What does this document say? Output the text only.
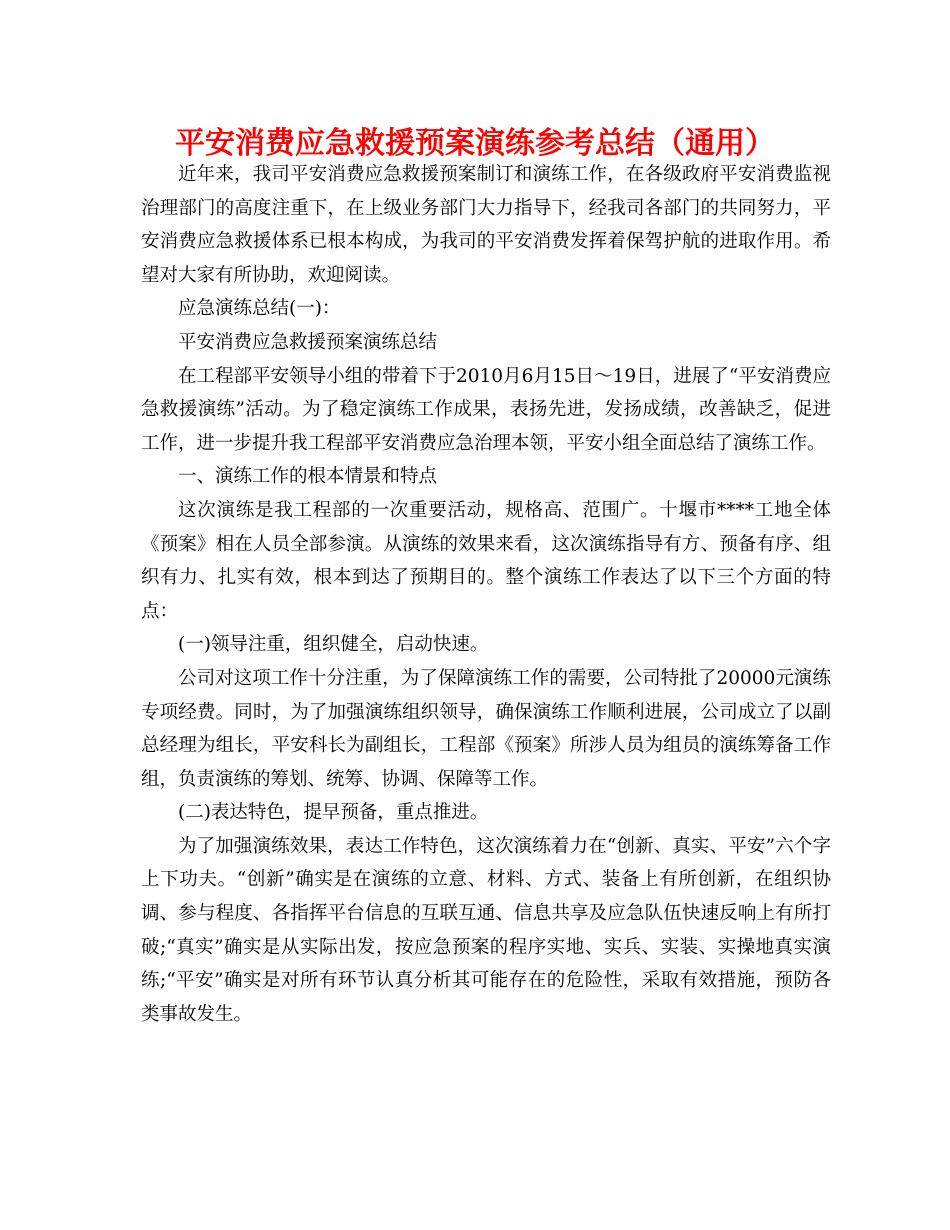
平安消费应急救援预案演练参考总结（通用）

近年来，我司平安消费应急救援预案制订和演练工作，在各级政府平安消费监视治理部门的高度注重下，在上级业务部门大力指导下，经我司各部门的共同努力，平安消费应急救援体系已根本构成，为我司的平安消费发挥着保驾护航的进取作用。希望对大家有所协助，欢迎阅读。

应急演练总结(一)：

平安消费应急救援预案演练总结

在工程部平安领导小组的带着下于2010月6月15日～19日，进展了“平安消费应急救援演练”活动。为了稳定演练工作成果，表扬先进，发扬成绩，改善缺乏，促进工作，进一步提升我工程部平安消费应急治理本领，平安小组全面总结了演练工作。

一、演练工作的根本情景和特点

这次演练是我工程部的一次重要活动，规格高、范围广。十堰市****工地全体《预案》相在人员全部参演。从演练的效果来看，这次演练指导有方、预备有序、组织有力、扎实有效，根本到达了预期目的。整个演练工作表达了以下三个方面的特点：

(一)领导注重，组织健全，启动快速。

公司对这项工作十分注重，为了保障演练工作的需要，公司特批了20000元演练专项经费。同时，为了加强演练组织领导，确保演练工作顺利进展，公司成立了以副总经理为组长，平安科长为副组长，工程部《预案》所涉人员为组员的演练筹备工作组，负责演练的筹划、统筹、协调、保障等工作。

(二)表达特色，提早预备，重点推进。

为了加强演练效果，表达工作特色，这次演练着力在“创新、真实、平安”六个字上下功夫。“创新”确实是在演练的立意、材料、方式、装备上有所创新，在组织协调、参与程度、各指挥平台信息的互联互通、信息共享及应急队伍快速反响上有所打破;“真实”确实是从实际出发，按应急预案的程序实地、实兵、实装、实操地真实演练;“平安”确实是对所有环节认真分析其可能存在的危险性，采取有效措施，预防各类事故发生。
